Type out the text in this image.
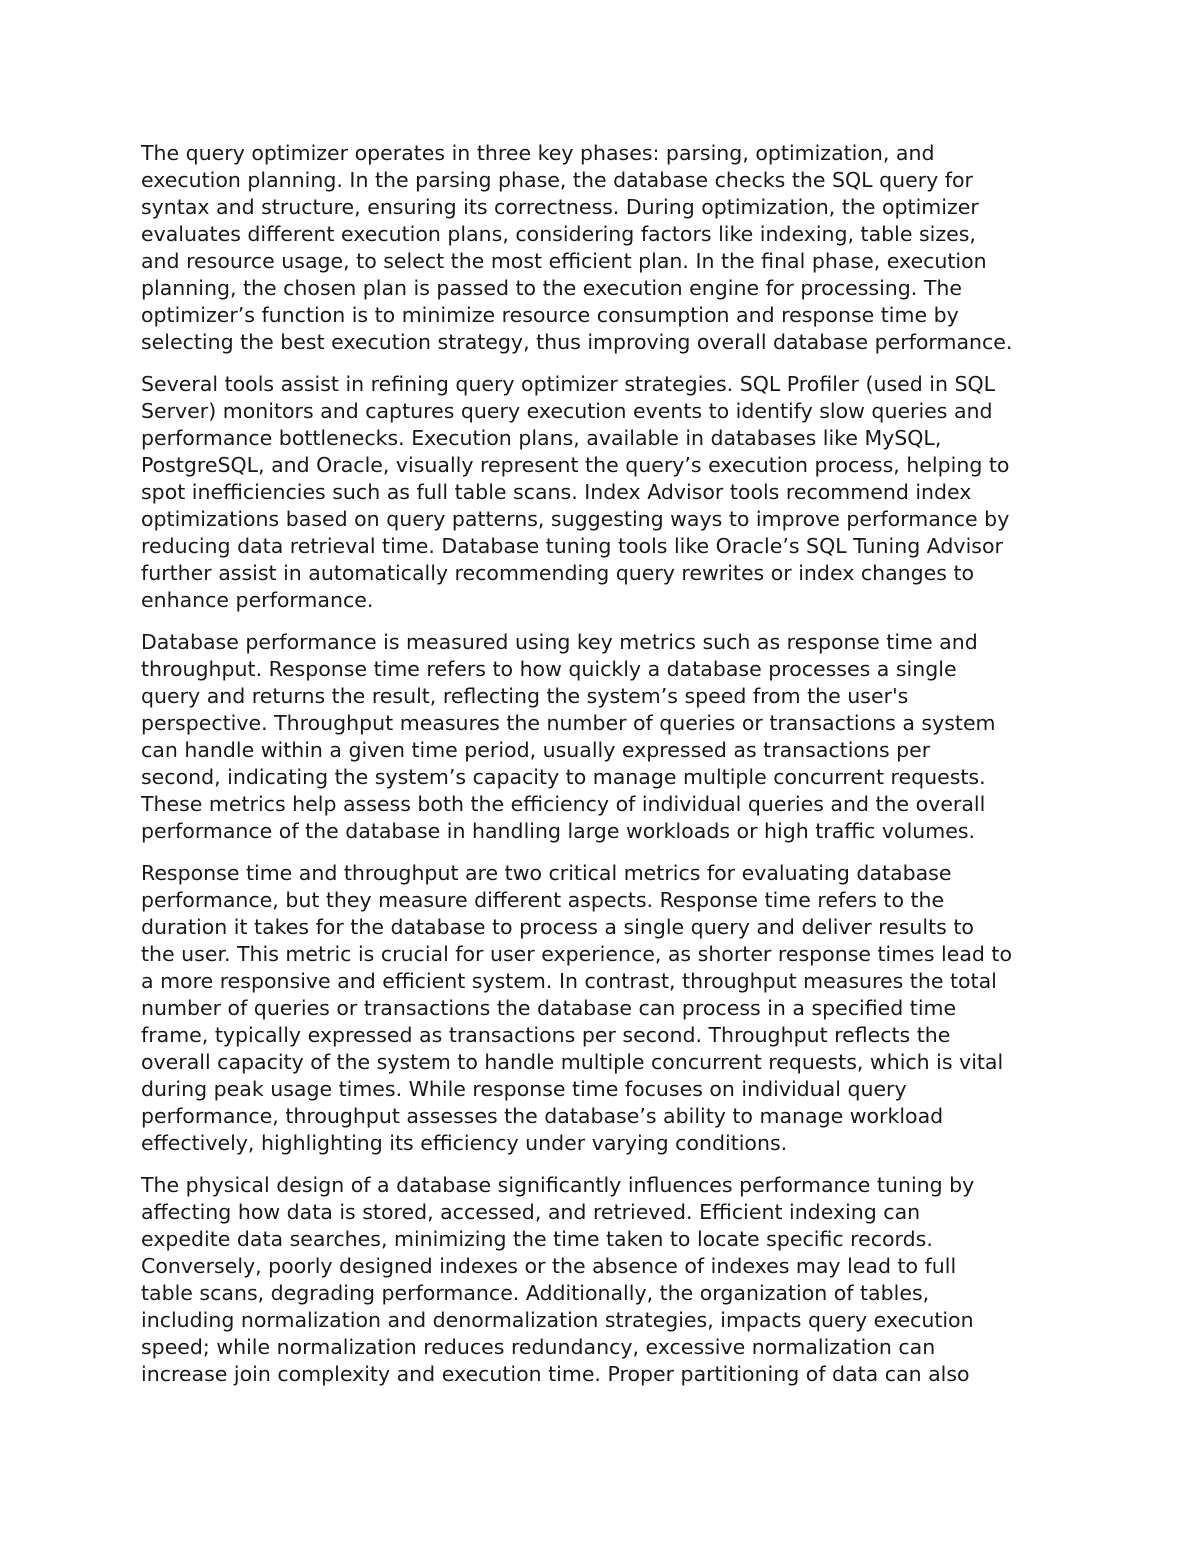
The query optimizer operates in three key phases: parsing, optimization, and
execution planning. In the parsing phase, the database checks the SQL query for
syntax and structure, ensuring its correctness. During optimization, the optimizer
evaluates different execution plans, considering factors like indexing, table sizes,
and resource usage, to select the most efficient plan. In the final phase, execution
planning, the chosen plan is passed to the execution engine for processing. The
optimizer’s function is to minimize resource consumption and response time by
selecting the best execution strategy, thus improving overall database performance.

Several tools assist in refining query optimizer strategies. SQL Profiler (used in SQL
Server) monitors and captures query execution events to identify slow queries and
performance bottlenecks. Execution plans, available in databases like MySQL,
PostgreSQL, and Oracle, visually represent the query’s execution process, helping to
spot inefficiencies such as full table scans. Index Advisor tools recommend index
optimizations based on query patterns, suggesting ways to improve performance by
reducing data retrieval time. Database tuning tools like Oracle’s SQL Tuning Advisor
further assist in automatically recommending query rewrites or index changes to
enhance performance.

Database performance is measured using key metrics such as response time and
throughput. Response time refers to how quickly a database processes a single
query and returns the result, reflecting the system’s speed from the user's
perspective. Throughput measures the number of queries or transactions a system
can handle within a given time period, usually expressed as transactions per
second, indicating the system’s capacity to manage multiple concurrent requests.
These metrics help assess both the efficiency of individual queries and the overall
performance of the database in handling large workloads or high traffic volumes.

Response time and throughput are two critical metrics for evaluating database
performance, but they measure different aspects. Response time refers to the
duration it takes for the database to process a single query and deliver results to
the user. This metric is crucial for user experience, as shorter response times lead to
a more responsive and efficient system. In contrast, throughput measures the total
number of queries or transactions the database can process in a specified time
frame, typically expressed as transactions per second. Throughput reflects the
overall capacity of the system to handle multiple concurrent requests, which is vital
during peak usage times. While response time focuses on individual query
performance, throughput assesses the database’s ability to manage workload
effectively, highlighting its efficiency under varying conditions.

The physical design of a database significantly influences performance tuning by
affecting how data is stored, accessed, and retrieved. Efficient indexing can
expedite data searches, minimizing the time taken to locate specific records.
Conversely, poorly designed indexes or the absence of indexes may lead to full
table scans, degrading performance. Additionally, the organization of tables,
including normalization and denormalization strategies, impacts query execution
speed; while normalization reduces redundancy, excessive normalization can
increase join complexity and execution time. Proper partitioning of data can also
